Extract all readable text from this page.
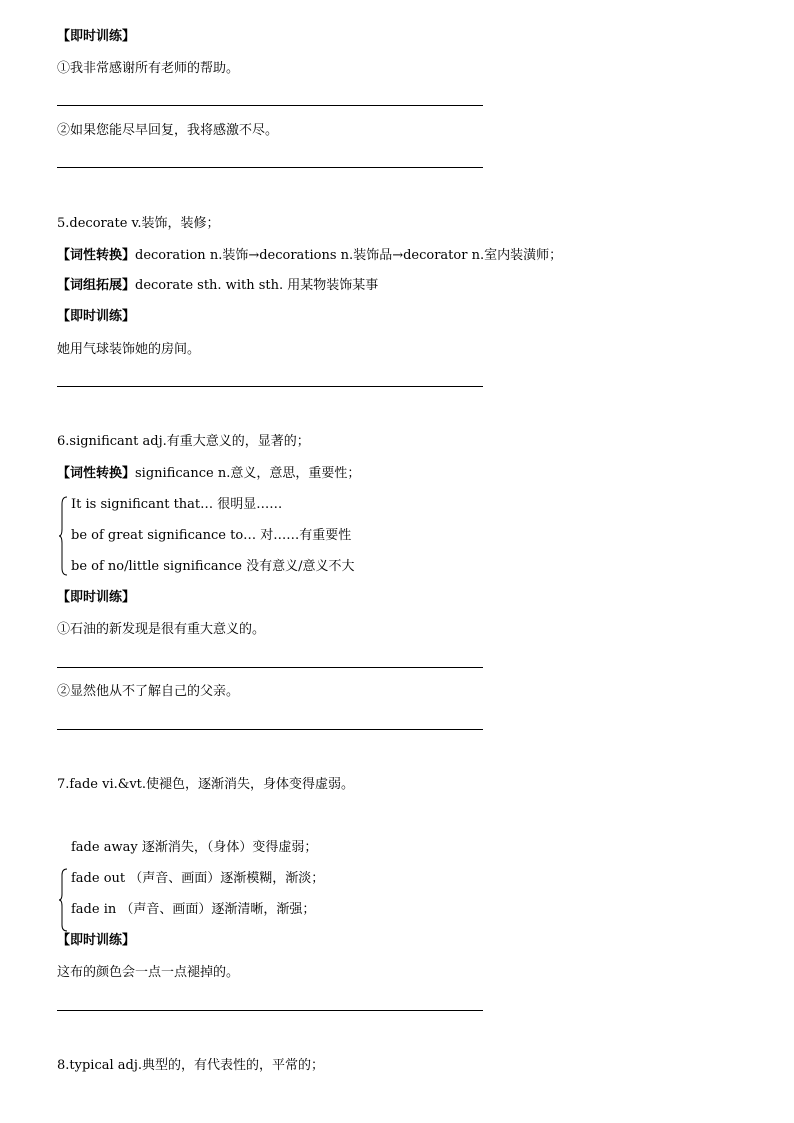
【即时训练】
①我非常感谢所有老师的帮助。
②如果您能尽早回复，我将感激不尽。
5.decorate v.装饰，装修；
【词性转换】decoration n.装饰→decorations n.装饰品→decorator n.室内装潢师；
【词组拓展】decorate sth. with sth. 用某物装饰某事
【即时训练】
她用气球装饰她的房间。
6.significant adj.有重大意义的，显著的；
【词性转换】significance n.意义，意思，重要性；
It is significant that… 很明显……
be of great significance to… 对……有重要性
be of no/little significance 没有意义/意义不大
【即时训练】
①石油的新发现是很有重大意义的。
②显然他从不了解自己的父亲。
7.fade vi.&vt.使褪色，逐渐消失，身体变得虚弱。
fade away 逐渐消失，（身体）变得虚弱；
fade out （声音、画面）逐渐模糊，渐淡；
fade in （声音、画面）逐渐清晰，渐强；
【即时训练】
这布的颜色会一点一点褪掉的。
8.typical adj.典型的，有代表性的，平常的；
